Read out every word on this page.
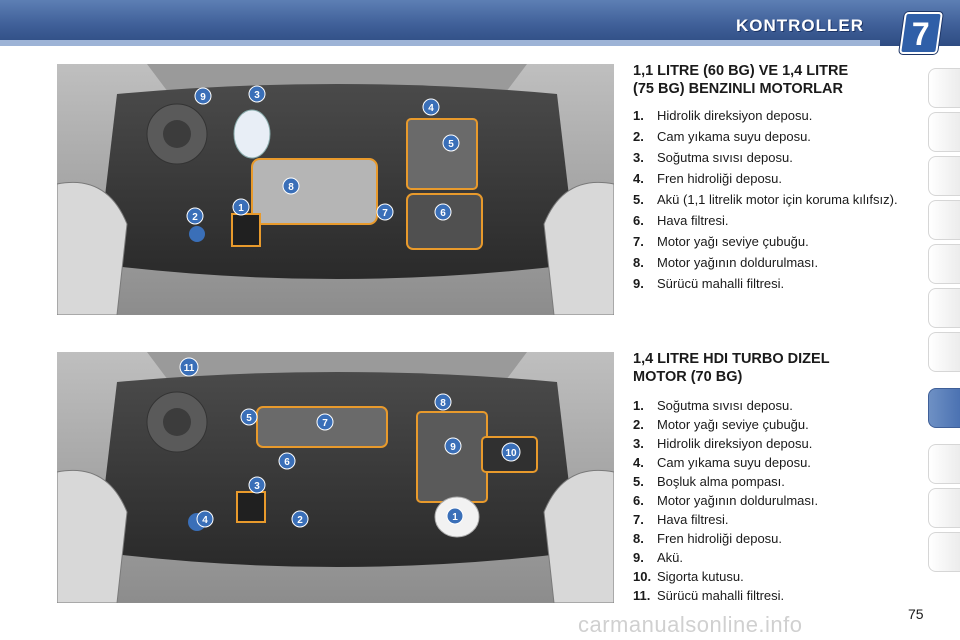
KONTROLLER 7
1
2
3
4
5
6
7
8
9
1
2
3
4
5
6
7
8
9
10
11
1,1 LITRE (60 BG) VE 1,4 LITRE
(75 BG) BENZINLI MOTORLAR
1.	Hidrolik direksiyon deposu.
2.	Cam yıkama suyu deposu.
3.	Soğutma sıvısı deposu.
4.	Fren hidroliği deposu.
5.	Akü (1,1 litrelik motor için koruma kılıfsız).
6.	Hava filtresi.
7.	Motor yağı seviye çubuğu.
8.	Motor yağının doldurulması.
9.	Sürücü mahalli filtresi.
1,4 LITRE HDI TURBO DIZEL
MOTOR (70 BG)
1.	Soğutma sıvısı deposu.
2.	Motor yağı seviye çubuğu.
3.	Hidrolik direksiyon deposu.
4.	Cam yıkama suyu deposu.
5.	Boşluk alma pompası.
6.	Motor yağının doldurulması.
7.	Hava filtresi.
8.	Fren hidroliği deposu.
9.	Akü.
10. Sigorta kutusu.
11. Sürücü mahalli filtresi.
carmanualsonline.info	75
